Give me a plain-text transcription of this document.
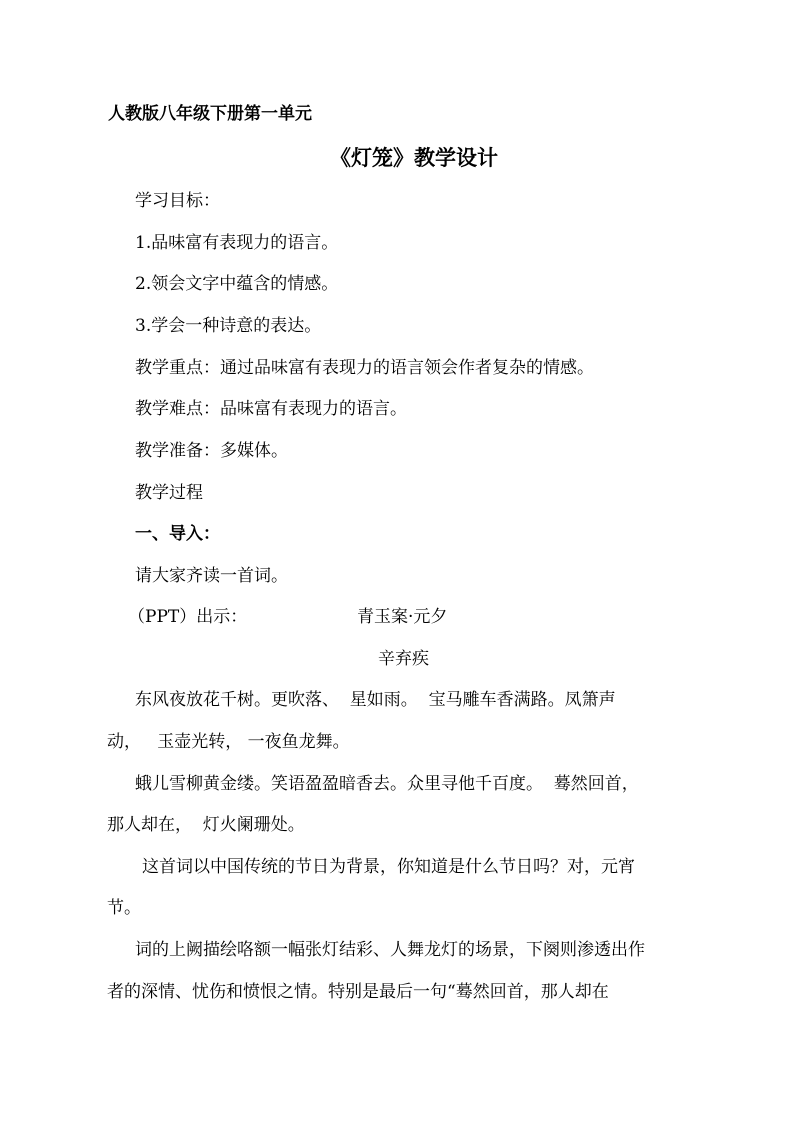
人教版八年级下册第一单元
《灯笼》教学设计
学习目标：
1.品味富有表现力的语言。
2.领会文字中蕴含的情感。
3.学会一种诗意的表达。
教学重点：通过品味富有表现力的语言领会作者复杂的情感。
教学难点：品味富有表现力的语言。
教学准备：多媒体。
教学过程
一、导入：
请大家齐读一首词。
（PPT）出示：	青玉案·元夕
辛弃疾
东风夜放花千树。更吹落、  星如雨。  宝马雕车香满路。凤箫声
动，   玉壶光转， 一夜鱼龙舞。
蛾儿雪柳黄金缕。笑语盈盈暗香去。众里寻他千百度。  蓦然回首，
那人却在，  灯火阑珊处。
这首词以中国传统的节日为背景，你知道是什么节日吗？对，元宵
节。
词的上阙描绘咯额一幅张灯结彩、人舞龙灯的场景，下阕则渗透出作
者的深情、忧伤和愤恨之情。特别是最后一句“蓦然回首，那人却在
